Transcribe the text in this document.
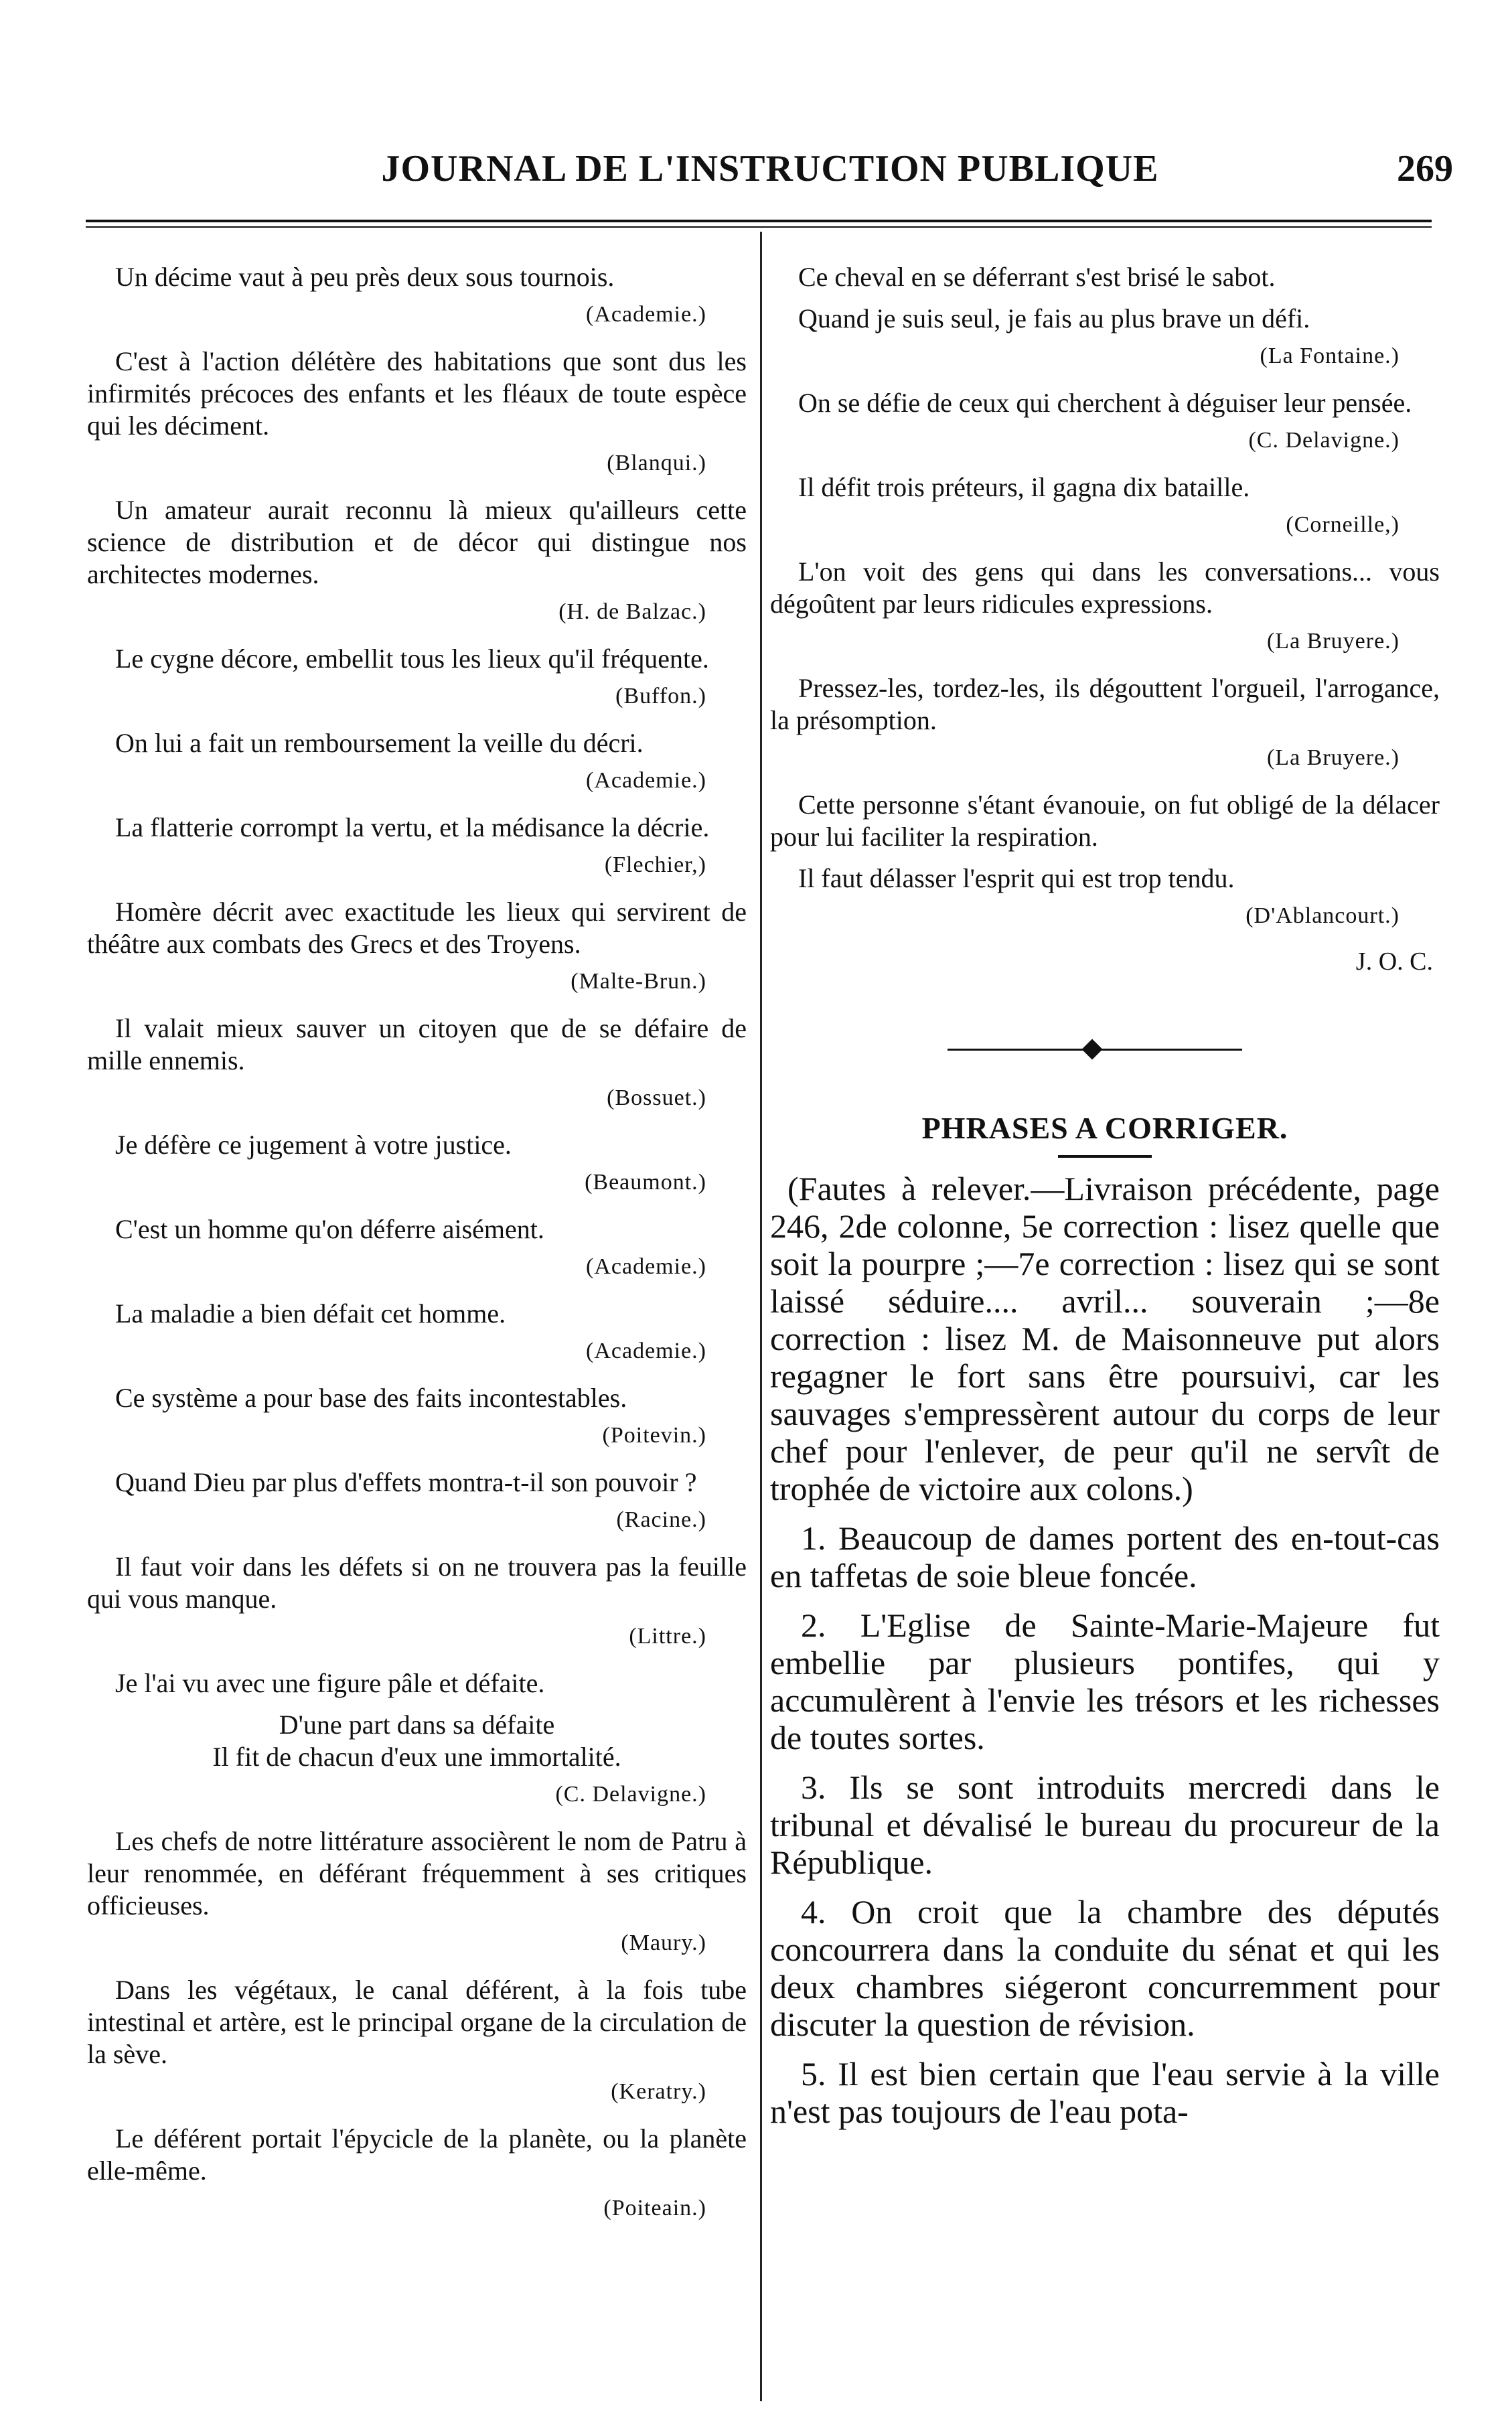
JOURNAL DE L'INSTRUCTION PUBLIQUE	269

Un décime vaut à peu près deux sous tournois.

(Academie.)

C'est à l'action délétère des habitations que sont dus les infirmités précoces des enfants et les fléaux de toute espèce qui les déciment.

(Blanqui.)

Un amateur aurait reconnu là mieux qu'ailleurs cette science de distribution et de décor qui distingue nos architectes modernes.

(H. de Balzac.)

Le cygne décore, embellit tous les lieux qu'il fréquente.

(Buffon.)

On lui a fait un remboursement la veille du décri.

(Academie.)

La flatterie corrompt la vertu, et la médisance la décrie.

(Flechier,)

Homère décrit avec exactitude les lieux qui servirent de théâtre aux combats des Grecs et des Troyens.

(Malte-Brun.)

Il valait mieux sauver un citoyen que de se défaire de mille ennemis.

(Bossuet.)

Je défère ce jugement à votre justice.

(Beaumont.)

C'est un homme qu'on déferre aisément.

(Academie.)

La maladie a bien défait cet homme.

(Academie.)

Ce système a pour base des faits incontestables.

(Poitevin.)

Quand Dieu par plus d'effets montra-t-il son pouvoir ?

(Racine.)

Il faut voir dans les défets si on ne trouvera pas la feuille qui vous manque.

(Littre.)

Je l'ai vu avec une figure pâle et défaite.

D'une part dans sa défaite

Il fit de chacun d'eux une immortalité.

(C. Delavigne.)

Les chefs de notre littérature associèrent le nom de Patru à leur renommée, en déférant fréquemment à ses critiques officieuses.

(Maury.)

Dans les végétaux, le canal déférent, à la fois tube intestinal et artère, est le principal organe de la circulation de la sève.

(Keratry.)

Le déférent portait l'épycicle de la planète, ou la planète elle-même.

(Poiteain.)

Ce cheval en se déferrant s'est brisé le sabot.

Quand je suis seul, je fais au plus brave un défi.

(La Fontaine.)

On se défie de ceux qui cherchent à déguiser leur pensée.

(C. Delavigne.)

Il défit trois préteurs, il gagna dix bataille.

(Corneille,)

L'on voit des gens qui dans les conversations... vous dégoûtent par leurs ridicules expressions.

(La Bruyere.)

Pressez-les, tordez-les, ils dégouttent l'orgueil, l'arrogance, la présomption.

(La Bruyere.)

Cette personne s'étant évanouie, on fut obligé de la délacer pour lui faciliter la respiration.

Il faut délasser l'esprit qui est trop tendu.

(D'Ablancourt.)

J. O. C.

PHRASES A CORRIGER.

(Fautes à relever.—Livraison précédente, page 246, 2de colonne, 5e correction : lisez quelle que soit la pourpre ;—7e correction : lisez qui se sont laissé séduire.... avril... souverain ;—8e correction : lisez M. de Maisonneuve put alors regagner le fort sans être poursuivi, car les sauvages s'empressèrent autour du corps de leur chef pour l'enlever, de peur qu'il ne servît de trophée de victoire aux colons.)

1. Beaucoup de dames portent des en-tout-cas en taffetas de soie bleue foncée.

2. L'Eglise de Sainte-Marie-Majeure fut embellie par plusieurs pontifes, qui y accumulèrent à l'envie les trésors et les richesses de toutes sortes.

3. Ils se sont introduits mercredi dans le tribunal et dévalisé le bureau du procureur de la République.

4. On croit que la chambre des députés concourrera dans la conduite du sénat et qui les deux chambres siégeront concurremment pour discuter la question de révision.

5. Il est bien certain que l'eau servie à la ville n'est pas toujours de l'eau pota-
